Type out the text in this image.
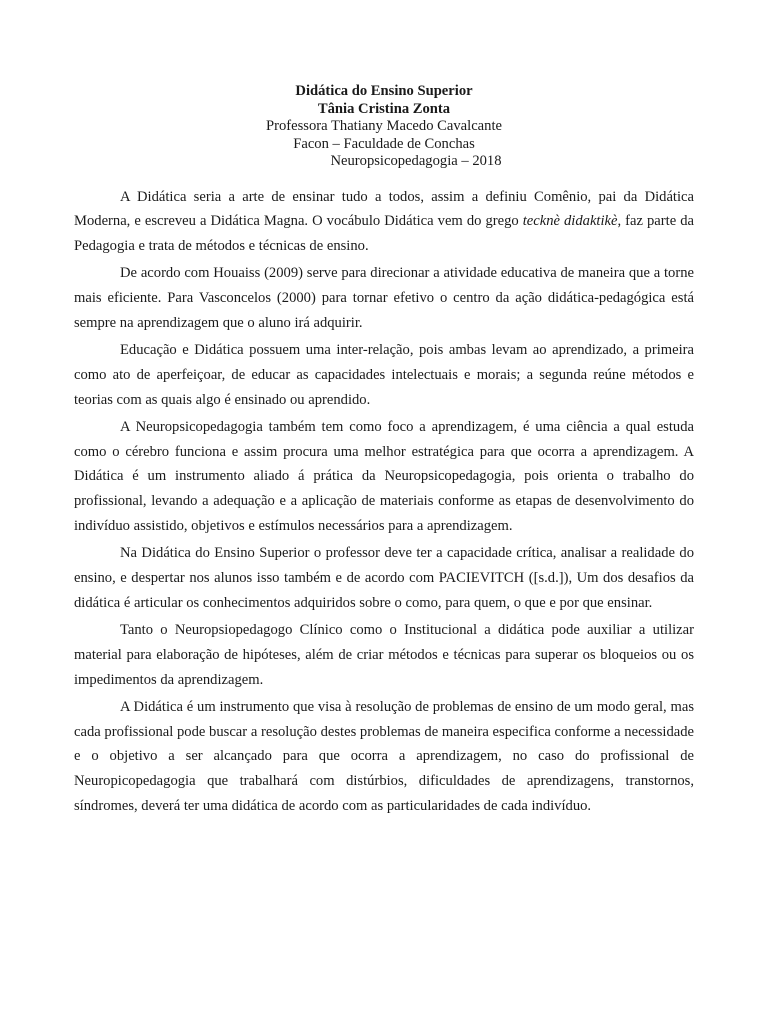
Didática do Ensino Superior
Tânia Cristina Zonta
Professora Thatiany Macedo Cavalcante
Facon – Faculdade de Conchas
Neuropsicopedagogia – 2018

A Didática seria a arte de ensinar tudo a todos, assim a definiu Comênio, pai da Didática Moderna, e escreveu a Didática Magna. O vocábulo Didática vem do grego tecknè didaktikè, faz parte da Pedagogia e trata de métodos e técnicas de ensino.

De acordo com Houaiss (2009) serve para direcionar a atividade educativa de maneira que a torne mais eficiente. Para Vasconcelos (2000) para tornar efetivo o centro da ação didática-pedagógica está sempre na aprendizagem que o aluno irá adquirir.

Educação e Didática possuem uma inter-relação, pois ambas levam ao aprendizado, a primeira como ato de aperfeiçoar, de educar as capacidades intelectuais e morais; a segunda reúne métodos e teorias com as quais algo é ensinado ou aprendido.

A Neuropsicopedagogia também tem como foco a aprendizagem, é uma ciência a qual estuda como o cérebro funciona e assim procura uma melhor estratégica para que ocorra a aprendizagem. A Didática é um instrumento aliado á prática da Neuropsicopedagogia, pois orienta o trabalho do profissional, levando a adequação e a aplicação de materiais conforme as etapas de desenvolvimento do indivíduo assistido, objetivos e estímulos necessários para a aprendizagem.

Na Didática do Ensino Superior o professor deve ter a capacidade crítica, analisar a realidade do ensino, e despertar nos alunos isso também e de acordo com PACIEVITCH ([s.d.]), Um dos desafios da didática é articular os conhecimentos adquiridos sobre o como, para quem, o que e por que ensinar.

Tanto o Neuropsiopedagogo Clínico como o Institucional a didática pode auxiliar a utilizar material para elaboração de hipóteses, além de criar métodos e técnicas para superar os bloqueios ou os impedimentos da aprendizagem.

A Didática é um instrumento que visa à resolução de problemas de ensino de um modo geral, mas cada profissional pode buscar a resolução destes problemas de maneira especifica conforme a necessidade e o objetivo a ser alcançado para que ocorra a aprendizagem, no caso do profissional de Neuropicopedagogia que trabalhará com distúrbios, dificuldades de aprendizagens, transtornos, síndromes, deverá ter uma didática de acordo com as particularidades de cada indivíduo.
